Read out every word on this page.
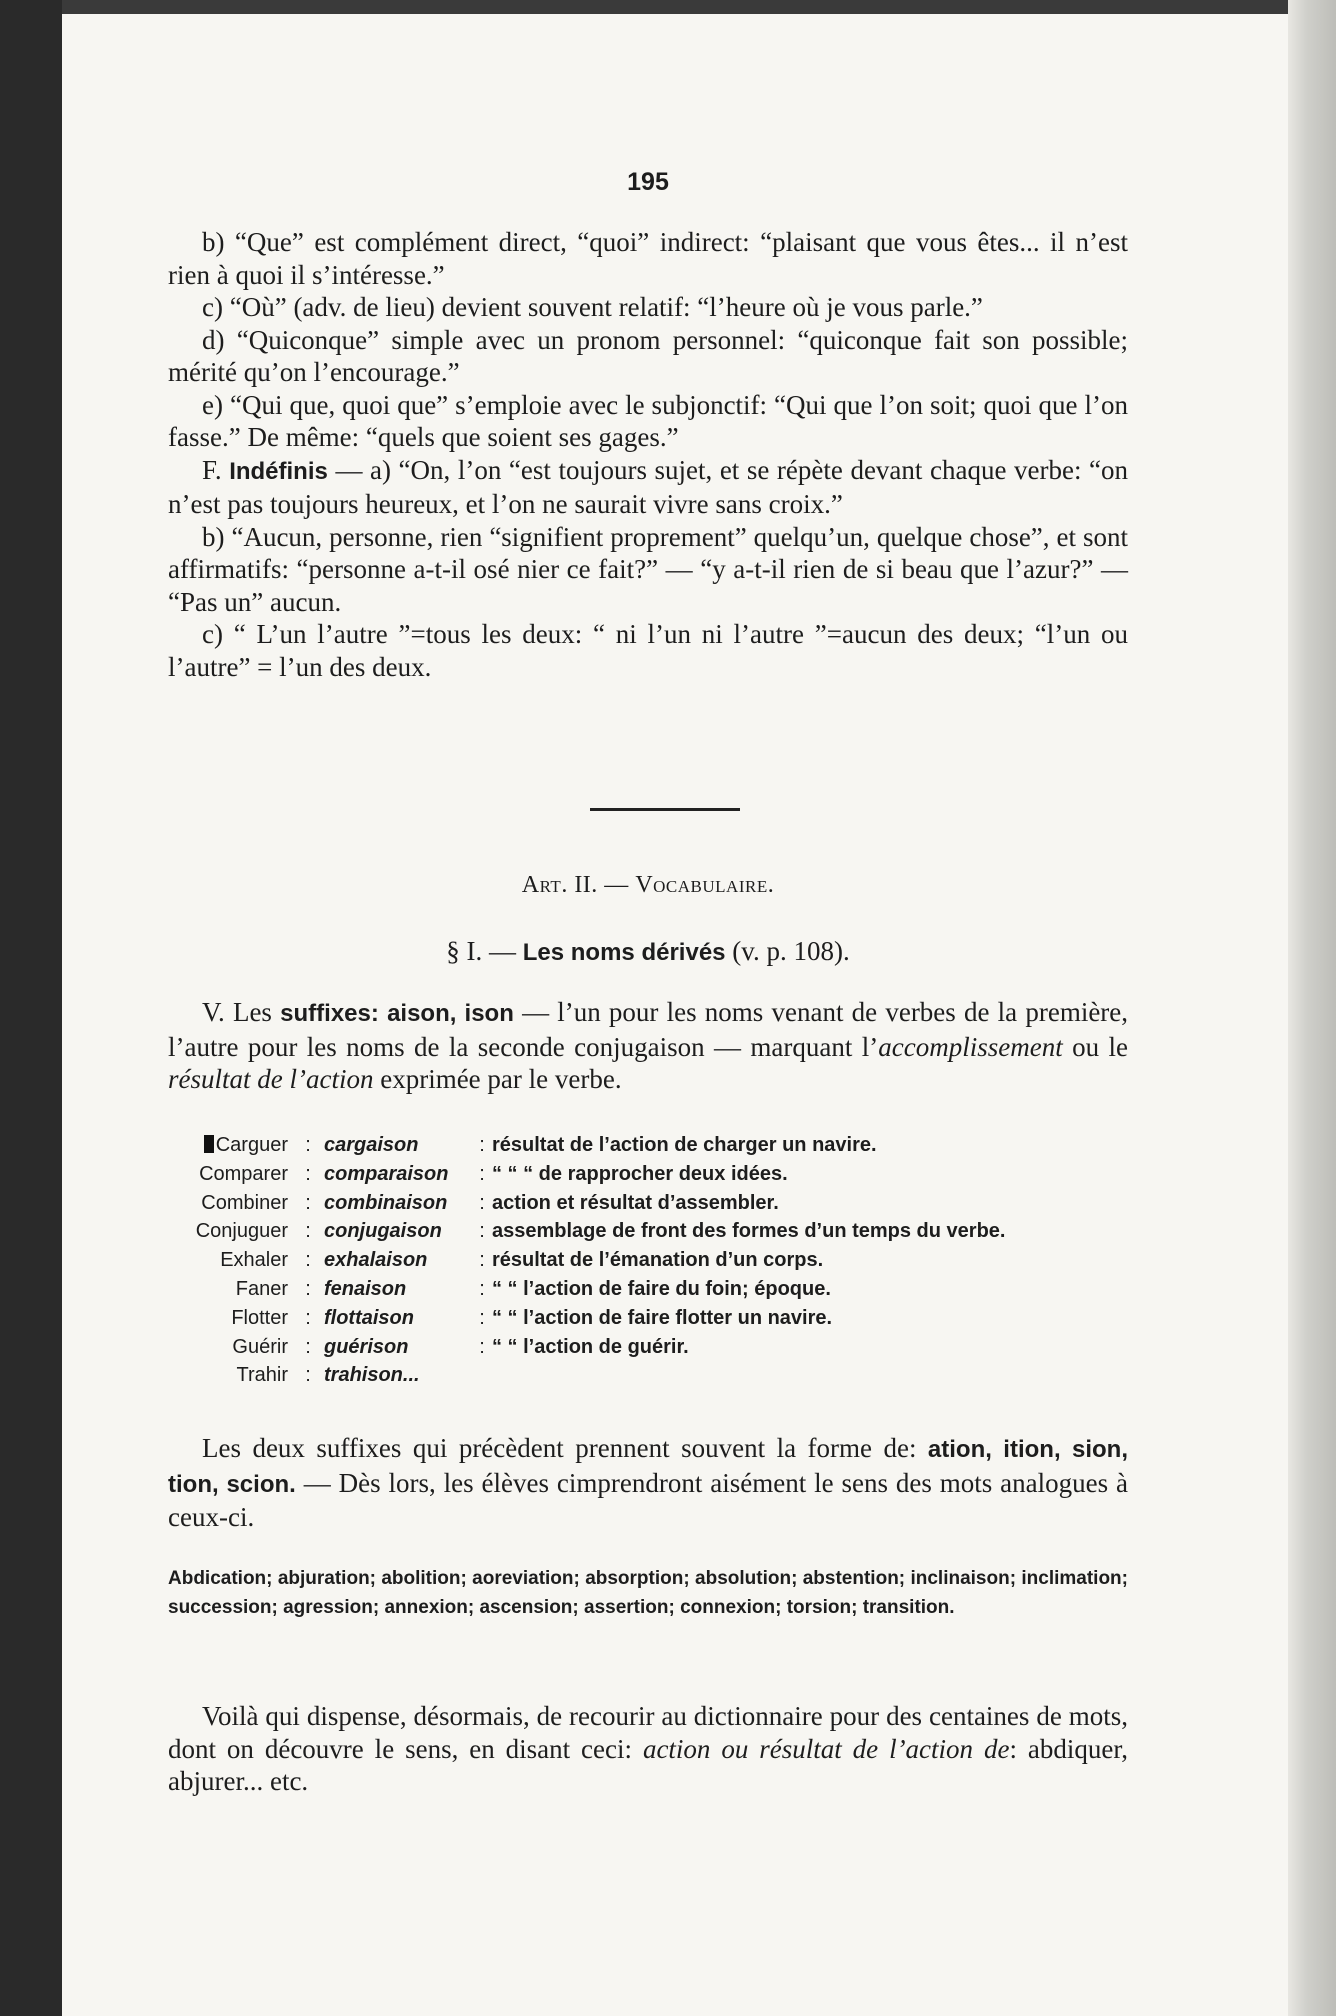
195

b) “Que” est complément direct, “quoi” indirect: “plaisant que vous êtes... il n’est rien à quoi il s’intéresse.”

c) “Où” (adv. de lieu) devient souvent relatif: “l’heure où je vous parle.”

d) “Quiconque” simple avec un pronom personnel: “quiconque fait son possible; mérité qu’on l’encourage.”

e) “Qui que, quoi que” s’emploie avec le subjonctif: “Qui que l’on soit; quoi que l’on fasse.” De même: “quels que soient ses gages.”

F. Indéfinis — a) “On, l’on “est toujours sujet, et se répète devant chaque verbe: “on n’est pas toujours heureux, et l’on ne saurait vivre sans croix.”

b) “Aucun, personne, rien “signifient proprement” quelqu’un, quelque chose”, et sont affirmatifs: “personne a-t-il osé nier ce fait?” — “y a-t-il rien de si beau que l’azur?” — “Pas un” aucun.

c) “ L’un l’autre ”=tous les deux: “ ni l’un ni l’autre ”=aucun des deux; “l’un ou l’autre” = l’un des deux.

Art. II. — Vocabulaire.
§ I. — Les noms dérivés (v. p. 108).

V. Les suffixes: aison, ison — l’un pour les noms venant de verbes de la première, l’autre pour les noms de la seconde conjugaison — marquant l’accomplissement ou le résultat de l’action exprimée par le verbe.

Carguer : cargaison	: résultat de l’action de charger un navire.
Comparer : comparaison	: “ “ “ de rapprocher deux idées.
Combiner : combinaison	: action et résultat d’assembler.
Conjuguer : conjugaison	: assemblage de front des formes d’un temps du verbe.
Exhaler : exhalaison	: résultat de l’émanation d’un corps.
Faner : fenaison	: “ “ l’action de faire du foin; époque.
Flotter : flottaison	: “ “ l’action de faire flotter un navire.
Guérir : guérison	: “ “ l’action de guérir.
Trahir : trahison...

Les deux suffixes qui précèdent prennent souvent la forme de: ation, ition, sion, tion, scion. — Dès lors, les élèves cimprendront aisément le sens des mots analogues à ceux-ci.

Abdication; abjuration; abolition; aoreviation; absorption; absolution; abstention; inclinaison; inclimation; succession; agression; annexion; ascension; assertion; connexion; torsion; transition.

Voilà qui dispense, désormais, de recourir au dictionnaire pour des centaines de mots, dont on découvre le sens, en disant ceci: action ou résultat de l’action de: abdiquer, abjurer... etc.
